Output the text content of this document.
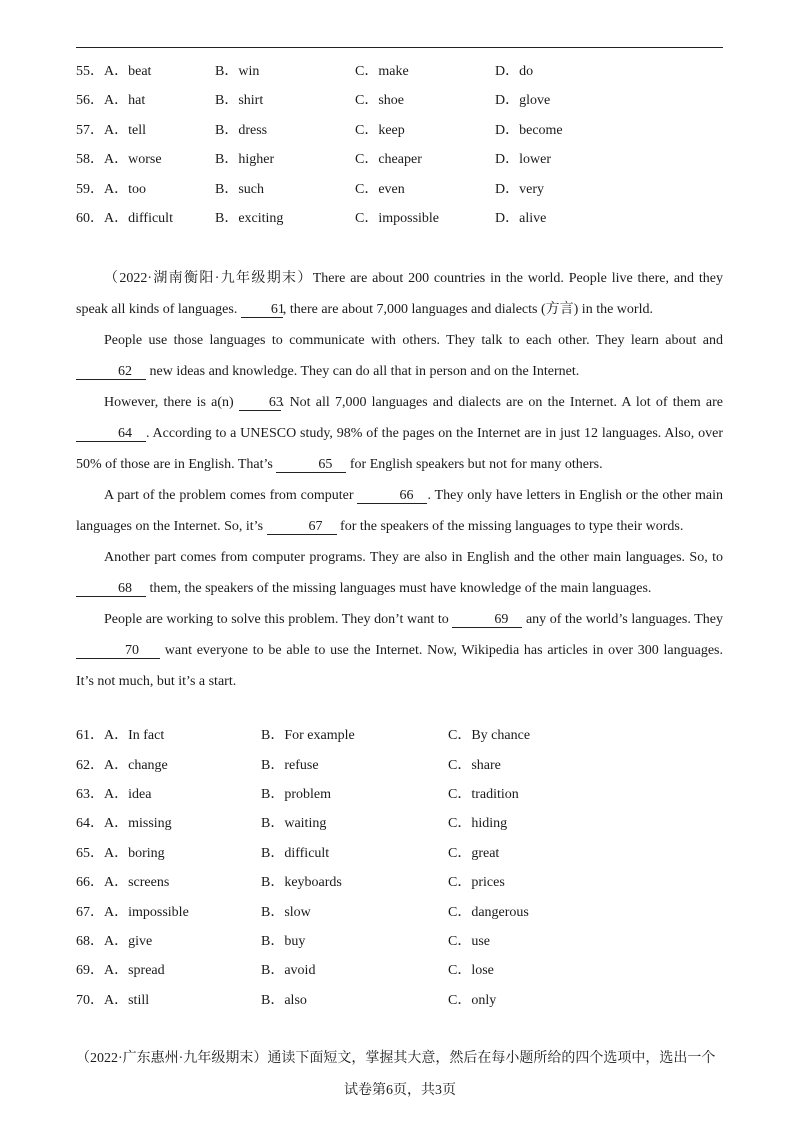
55． A．beat	B．win	C．make	D．do
56． A．hat	B．shirt	C．shoe	D．glove
57． A．tell	B．dress	C．keep	D．become
58． A．worse	B．higher	C．cheaper	D．lower
59． A．too	B．such	C．even	D．very
60． A．difficult	B．exciting	C．impossible	D．alive

（2022·湖南衡阳·九年级期末）There are about 200 countries in the world. People live there, and they speak all kinds of languages. 61, there are about 7,000 languages and dialects (方言) in the world.

People use those languages to communicate with others. They talk to each other. They learn about and 62 new ideas and knowledge. They can do all that in person and on the Internet.

However, there is a(n) 63. Not all 7,000 languages and dialects are on the Internet. A lot of them are 64 . According to a UNESCO study, 98% of the pages on the Internet are in just 12 languages. Also, over 50% of those are in English. That’s	65 for English speakers but not for many others.

A part of the problem comes from computer	66 . They only have letters in English or the other main languages on the Internet. So, it’s	67 for the speakers of the missing languages to type their words.

Another part comes from computer programs. They are also in English and the other main languages. So, to 68 them, the speakers of the missing languages must have knowledge of the main languages.

People are working to solve this problem. They don’t want to	69 any of the world’s languages. They 70 want everyone to be able to use the Internet. Now, Wikipedia has articles in over 300 languages. It’s not much, but it’s a start.

61． A．In fact	B．For example	C．By chance
62． A．change	B．refuse	C．share
63． A．idea	B．problem	C．tradition
64． A．missing	B．waiting	C．hiding
65． A．boring	B．difficult	C．great
66． A．screens	B．keyboards	C．prices
67． A．impossible	B．slow	C．dangerous
68． A．give	B．buy	C．use
69． A．spread	B．avoid	C．lose
70． A．still	B．also	C．only
（2022·广东惠州·九年级期末）通读下面短文，掌握其大意，然后在每小题所给的四个选项中，选出一个
试卷第6页，共3页
